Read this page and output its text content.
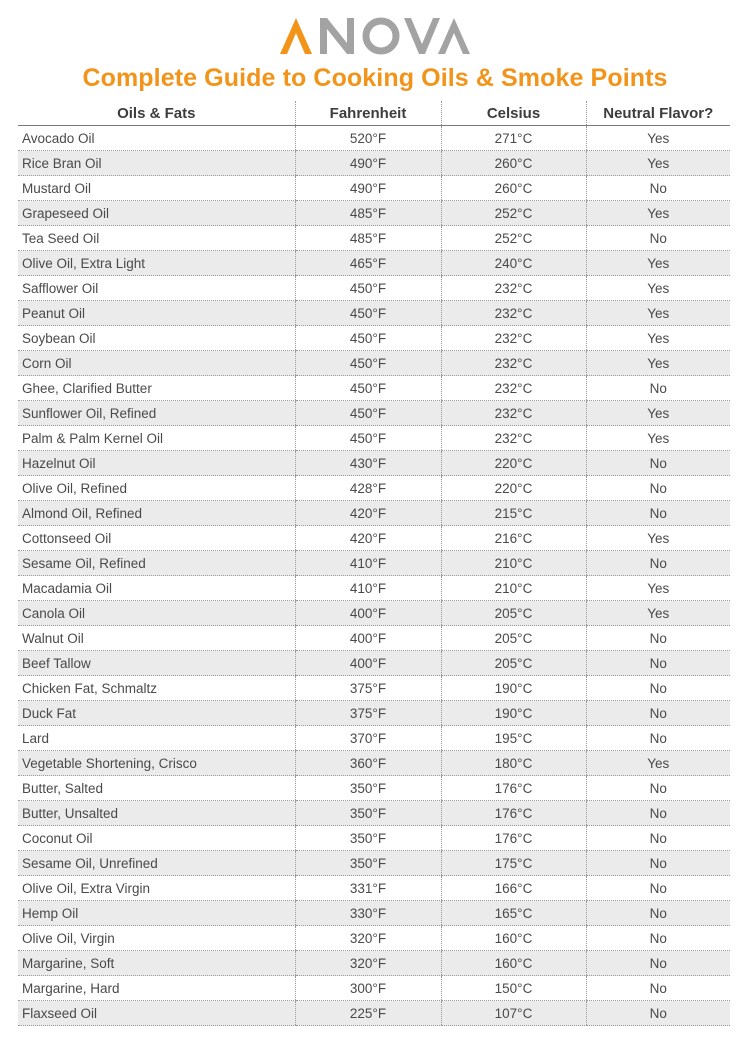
Complete Guide to Cooking Oils & Smoke Points
Oils & Fats	Fahrenheit	Celsius	Neutral Flavor?
Avocado Oil	520°F	271°C	Yes
Rice Bran Oil	490°F	260°C	Yes
Mustard Oil	490°F	260°C	No
Grapeseed Oil	485°F	252°C	Yes
Tea Seed Oil	485°F	252°C	No
Olive Oil, Extra Light	465°F	240°C	Yes
Safflower Oil	450°F	232°C	Yes
Peanut Oil	450°F	232°C	Yes
Soybean Oil	450°F	232°C	Yes
Corn Oil	450°F	232°C	Yes
Ghee, Clarified Butter	450°F	232°C	No
Sunflower Oil, Refined	450°F	232°C	Yes
Palm & Palm Kernel Oil	450°F	232°C	Yes
Hazelnut Oil	430°F	220°C	No
Olive Oil, Refined	428°F	220°C	No
Almond Oil, Refined	420°F	215°C	No
Cottonseed Oil	420°F	216°C	Yes
Sesame Oil, Refined	410°F	210°C	No
Macadamia Oil	410°F	210°C	Yes
Canola Oil	400°F	205°C	Yes
Walnut Oil	400°F	205°C	No
Beef Tallow	400°F	205°C	No
Chicken Fat, Schmaltz	375°F	190°C	No
Duck Fat	375°F	190°C	No
Lard	370°F	195°C	No
Vegetable Shortening, Crisco	360°F	180°C	Yes
Butter, Salted	350°F	176°C	No
Butter, Unsalted	350°F	176°C	No
Coconut Oil	350°F	176°C	No
Sesame Oil, Unrefined	350°F	175°C	No
Olive Oil, Extra Virgin	331°F	166°C	No
Hemp Oil	330°F	165°C	No
Olive Oil, Virgin	320°F	160°C	No
Margarine, Soft	320°F	160°C	No
Margarine, Hard	300°F	150°C	No
Flaxseed Oil	225°F	107°C	No
